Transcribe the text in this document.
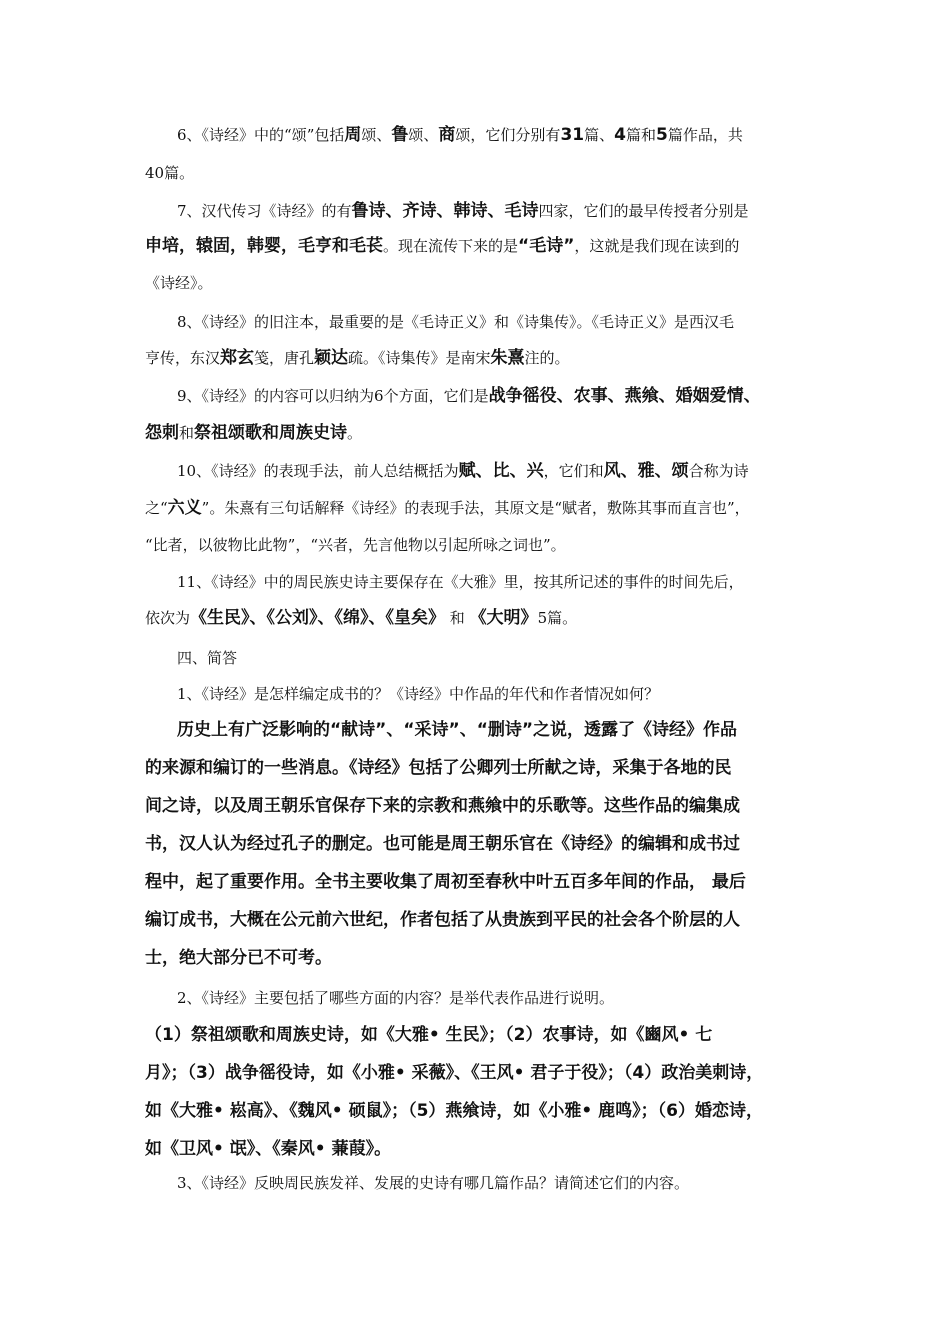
6、《诗经》中的“颂”包括周颂、鲁颂、商颂，它们分别有31篇、4篇和5篇作品，共
40篇。
7、汉代传习《诗经》的有鲁诗、齐诗、韩诗、毛诗四家，它们的最早传授者分别是
申培，辕固，韩婴，毛亨和毛苌。现在流传下来的是“毛诗”，这就是我们现在读到的
《诗经》。
8、《诗经》的旧注本，最重要的是《毛诗正义》和《诗集传》。《毛诗正义》是西汉毛
亨传，东汉郑玄笺，唐孔颖达疏。《诗集传》是南宋朱熹注的。
9、《诗经》的内容可以归纳为6个方面，它们是战争徭役、农事、燕飨、婚姻爱情、
怨刺和祭祖颂歌和周族史诗。
10、《诗经》的表现手法，前人总结概括为赋、比、兴，它们和风、雅、颂合称为诗
之“六义”。朱熹有三句话解释《诗经》的表现手法，其原文是“赋者，敷陈其事而直言也”，
“比者，以彼物比此物”，“兴者，先言他物以引起所咏之词也”。
11、《诗经》中的周民族史诗主要保存在《大雅》里，按其所记述的事件的时间先后，
依次为《生民》、《公刘》、《绵》、《皇矣》 和 《大明》5篇。
四、简答
1、《诗经》是怎样编定成书的？《诗经》中作品的年代和作者情况如何？
历史上有广泛影响的“献诗”、“采诗”、“删诗”之说，透露了《诗经》作品
的来源和编订的一些消息。《诗经》包括了公卿列士所献之诗，采集于各地的民
间之诗，以及周王朝乐官保存下来的宗教和燕飨中的乐歌等。这些作品的编集成
书，汉人认为经过孔子的删定。也可能是周王朝乐官在《诗经》的编辑和成书过
程中，起了重要作用。全书主要收集了周初至春秋中叶五百多年间的作品， 最后
编订成书，大概在公元前六世纪，作者包括了从贵族到平民的社会各个阶层的人
士，绝大部分已不可考。
2、《诗经》主要包括了哪些方面的内容？是举代表作品进行说明。
（1）祭祖颂歌和周族史诗，如《大雅• 生民》；（2）农事诗，如《豳风• 七
月》；（3）战争徭役诗，如《小雅• 采薇》、《王风• 君子于役》；（4）政治美刺诗，
如《大雅• 崧高》、《魏风• 硕鼠》；（5）燕飨诗，如《小雅• 鹿鸣》；（6）婚恋诗，
如《卫风• 氓》、《秦风• 蒹葭》。
3、《诗经》反映周民族发祥、发展的史诗有哪几篇作品？请简述它们的内容。
